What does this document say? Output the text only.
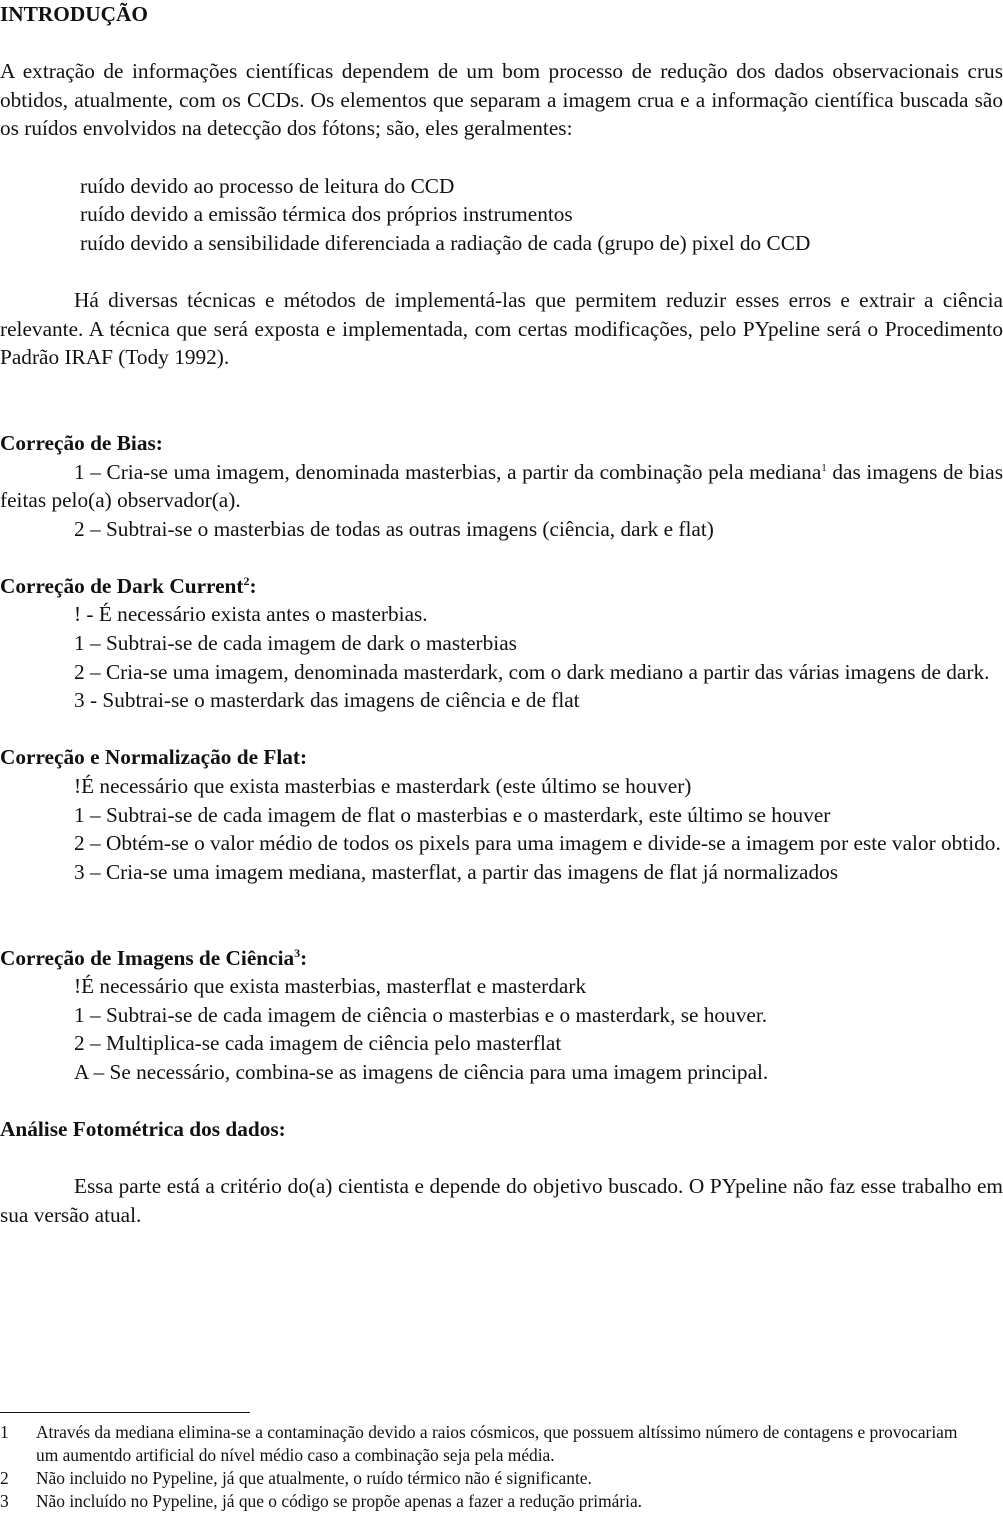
INTRODUÇÃO

A extração de informações científicas dependem de um bom processo de redução dos dados observacionais crus obtidos, atualmente, com os CCDs. Os elementos que separam a imagem crua e a informação científica buscada são os ruídos envolvidos na detecção dos fótons; são, eles geralmentes:

ruído devido ao processo de leitura do CCD

ruído devido a emissão térmica dos próprios instrumentos

ruído devido a sensibilidade diferenciada a radiação de cada (grupo de) pixel do CCD

Há diversas técnicas e métodos de implementá-las que permitem reduzir esses erros e extrair a ciência relevante. A técnica que será exposta e implementada, com certas modificações, pelo PYpeline será o Procedimento Padrão IRAF (Tody 1992).

Correção de Bias:

1 – Cria-se uma imagem, denominada masterbias, a partir da combinação pela mediana$^1$ das imagens de bias feitas pelo(a) observador(a).

2 – Subtrai-se o masterbias de todas as outras imagens (ciência, dark e flat)

Correção de Dark Current$^2$:

! - É necessário exista antes o masterbias.

1 – Subtrai-se de cada imagem de dark o masterbias

2 – Cria-se uma imagem, denominada masterdark, com o dark mediano a partir das várias imagens de dark.

3 - Subtrai-se o masterdark das imagens de ciência e de flat

Correção e Normalização de Flat:

!É necessário que exista masterbias e masterdark (este último se houver)

1 – Subtrai-se de cada imagem de flat o masterbias e o masterdark, este último se houver

2 – Obtém-se o valor médio de todos os pixels para uma imagem e divide-se a imagem por este valor obtido.

3 – Cria-se uma imagem mediana, masterflat, a partir das imagens de flat já normalizados

Correção de Imagens de Ciência$^3$:

!É necessário que exista masterbias, masterflat e masterdark

1 – Subtrai-se de cada imagem de ciência o masterbias e o masterdark, se houver.

2 – Multiplica-se cada imagem de ciência pelo masterflat

A – Se necessário, combina-se as imagens de ciência para uma imagem principal.

Análise Fotométrica dos dados:

Essa parte está a critério do(a) cientista e depende do objetivo buscado. O PYpeline não faz esse trabalho em sua versão atual.

1	Através da mediana elimina-se a contaminação devido a raios cósmicos, que possuem altíssimo número de contagens e provocariam um aumentdo artificial do nível médio caso a combinação seja pela média.
2	Não incluido no Pypeline, já que atualmente, o ruído térmico não é significante.
3	Não incluído no Pypeline, já que o código se propõe apenas a fazer a redução primária.
